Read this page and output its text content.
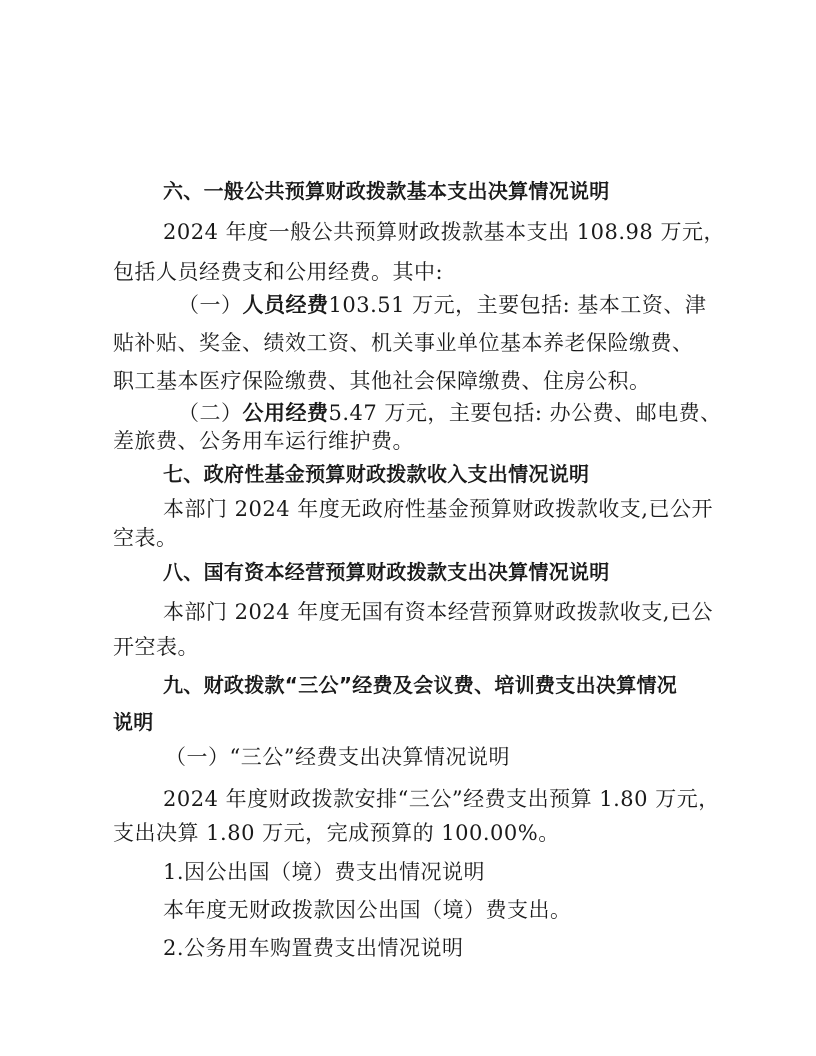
六、一般公共预算财政拨款基本支出决算情况说明
2024 年度一般公共预算财政拨款基本支出 108.98 万元，
包括人员经费支和公用经费。其中:
（一）人员经费103.51 万元，主要包括: 基本工资、津
贴补贴、奖金、绩效工资、机关事业单位基本养老保险缴费、
职工基本医疗保险缴费、其他社会保障缴费、住房公积。
（二）公用经费5.47 万元，主要包括: 办公费、邮电费、
差旅费、公务用车运行维护费。
七、政府性基金预算财政拨款收入支出情况说明
本部门 2024 年度无政府性基金预算财政拨款收支,已公开
空表。
八、国有资本经营预算财政拨款支出决算情况说明
本部门 2024 年度无国有资本经营预算财政拨款收支,已公
开空表。
九、财政拨款“三公”经费及会议费、培训费支出决算情况
说明
（一）“三公”经费支出决算情况说明
2024 年度财政拨款安排“三公”经费支出预算 1.80 万元，
支出决算 1.80 万元，完成预算的 100.00%。
1.因公出国（境）费支出情况说明
本年度无财政拨款因公出国（境）费支出。
2.公务用车购置费支出情况说明
